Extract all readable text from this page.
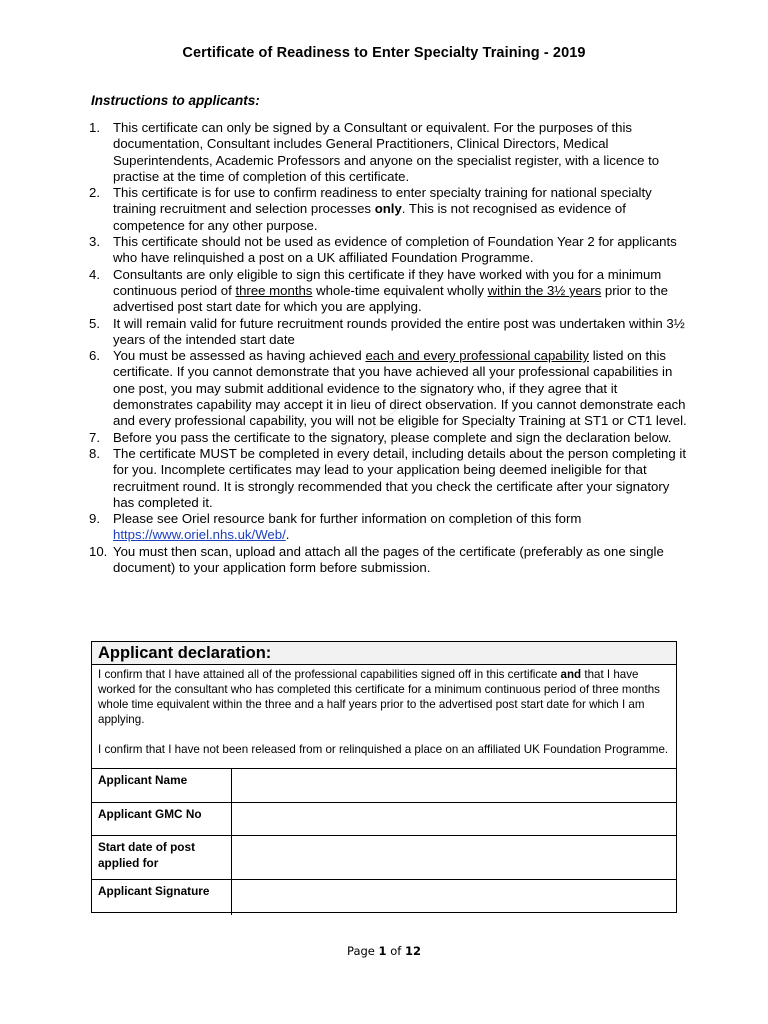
Certificate of Readiness to Enter Specialty Training - 2019
Instructions to applicants:
1. This certificate can only be signed by a Consultant or equivalent. For the purposes of this documentation, Consultant includes General Practitioners, Clinical Directors, Medical Superintendents, Academic Professors and anyone on the specialist register, with a licence to practise at the time of completion of this certificate.
2. This certificate is for use to confirm readiness to enter specialty training for national specialty training recruitment and selection processes only. This is not recognised as evidence of competence for any other purpose.
3. This certificate should not be used as evidence of completion of Foundation Year 2 for applicants who have relinquished a post on a UK affiliated Foundation Programme.
4. Consultants are only eligible to sign this certificate if they have worked with you for a minimum continuous period of three months whole-time equivalent wholly within the 3½ years prior to the advertised post start date for which you are applying.
5. It will remain valid for future recruitment rounds provided the entire post was undertaken within 3½ years of the intended start date
6. You must be assessed as having achieved each and every professional capability listed on this certificate. If you cannot demonstrate that you have achieved all your professional capabilities in one post, you may submit additional evidence to the signatory who, if they agree that it demonstrates capability may accept it in lieu of direct observation. If you cannot demonstrate each and every professional capability, you will not be eligible for Specialty Training at ST1 or CT1 level.
7. Before you pass the certificate to the signatory, please complete and sign the declaration below.
8. The certificate MUST be completed in every detail, including details about the person completing it for you. Incomplete certificates may lead to your application being deemed ineligible for that recruitment round. It is strongly recommended that you check the certificate after your signatory has completed it.
9. Please see Oriel resource bank for further information on completion of this form https://www.oriel.nhs.uk/Web/.
10. You must then scan, upload and attach all the pages of the certificate (preferably as one single document) to your application form before submission.
Applicant declaration:

I confirm that I have attained all of the professional capabilities signed off in this certificate and that I have worked for the consultant who has completed this certificate for a minimum continuous period of three months whole time equivalent within the three and a half years prior to the advertised post start date for which I am applying.

I confirm that I have not been released from or relinquished a place on an affiliated UK Foundation Programme.

Applicant Name	
Applicant GMC No	
Start date of post applied for	
Applicant Signature	
Page 1 of 12
